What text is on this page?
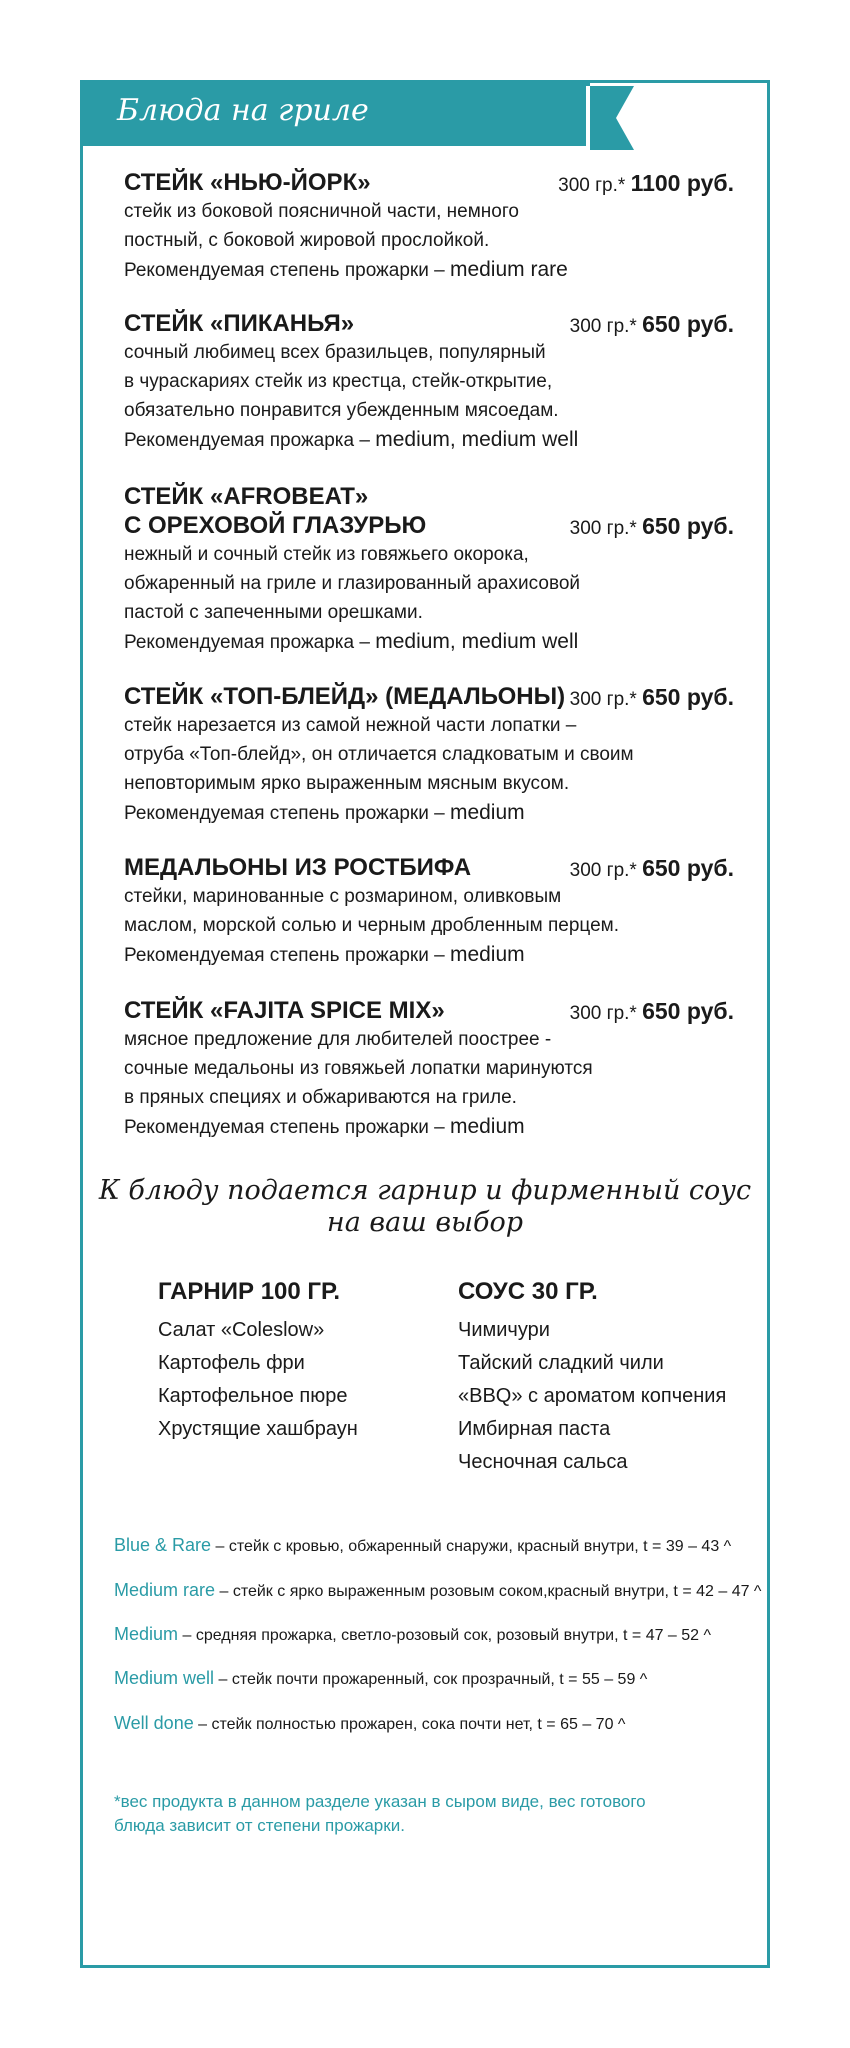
Блюда на гриле
СТЕЙК «НЬЮ-ЙОРК»	300 гр.* 1100 руб.
стейк из боковой поясничной части, немного
постный, с боковой жировой прослойкой.
Рекомендуемая степень прожарки – medium rare
СТЕЙК «ПИКАНЬЯ»	300 гр.* 650 руб.
сочный любимец всех бразильцев, популярный
в чураскариях стейк из крестца, стейк-открытие,
обязательно понравится убежденным мясоедам.
Рекомендуемая прожарка – medium, medium well
СТЕЙК «AFROBEAT»
С ОРЕХОВОЙ ГЛАЗУРЬЮ	300 гр.* 650 руб.
нежный и сочный стейк из говяжьего окорока,
обжаренный на гриле и глазированный арахисовой
пастой с запеченными орешками.
Рекомендуемая прожарка – medium, medium well
СТЕЙК «ТОП-БЛЕЙД» (МЕДАЛЬОНЫ) 300 гр.* 650 руб.
стейк нарезается из самой нежной части лопатки –
отруба «Топ-блейд», он отличается сладковатым и своим
неповторимым ярко выраженным мясным вкусом.
Рекомендуемая степень прожарки – medium
МЕДАЛЬОНЫ ИЗ РОСТБИФА	300 гр.* 650 руб.
стейки, маринованные с розмарином, оливковым
маслом, морской солью и черным дробленным перцем.
Рекомендуемая степень прожарки – medium
СТЕЙК «FAJITA SPICE MIX»	300 гр.* 650 руб.
мясное предложение для любителей поострее -
сочные медальоны из говяжьей лопатки маринуются
в пряных специях и обжариваются на гриле.
Рекомендуемая степень прожарки – medium
К блюду подается гарнир и фирменный соус
на ваш выбор
ГАРНИР 100 ГР.
Салат «Coleslow»
Картофель фри
Картофельное пюре
Хрустящие хашбраун
СОУС 30 ГР.
Чимичури
Тайский сладкий чили
«BBQ» с ароматом копчения
Имбирная паста
Чесночная сальса
Blue & Rare – стейк с кровью, обжаренный снаружи, красный внутри, t = 39 – 43 ^
Medium rare – стейк с ярко выраженным розовым соком,красный внутри, t = 42 – 47 ^
Medium – средняя прожарка, светло-розовый сок, розовый внутри, t = 47 – 52 ^
Medium well – стейк почти прожаренный, сок прозрачный, t = 55 – 59 ^
Well done – стейк полностью прожарен, сока почти нет, t = 65 – 70 ^
*вес продукта в данном разделе указан в сыром виде, вес готового
блюда зависит от степени прожарки.
